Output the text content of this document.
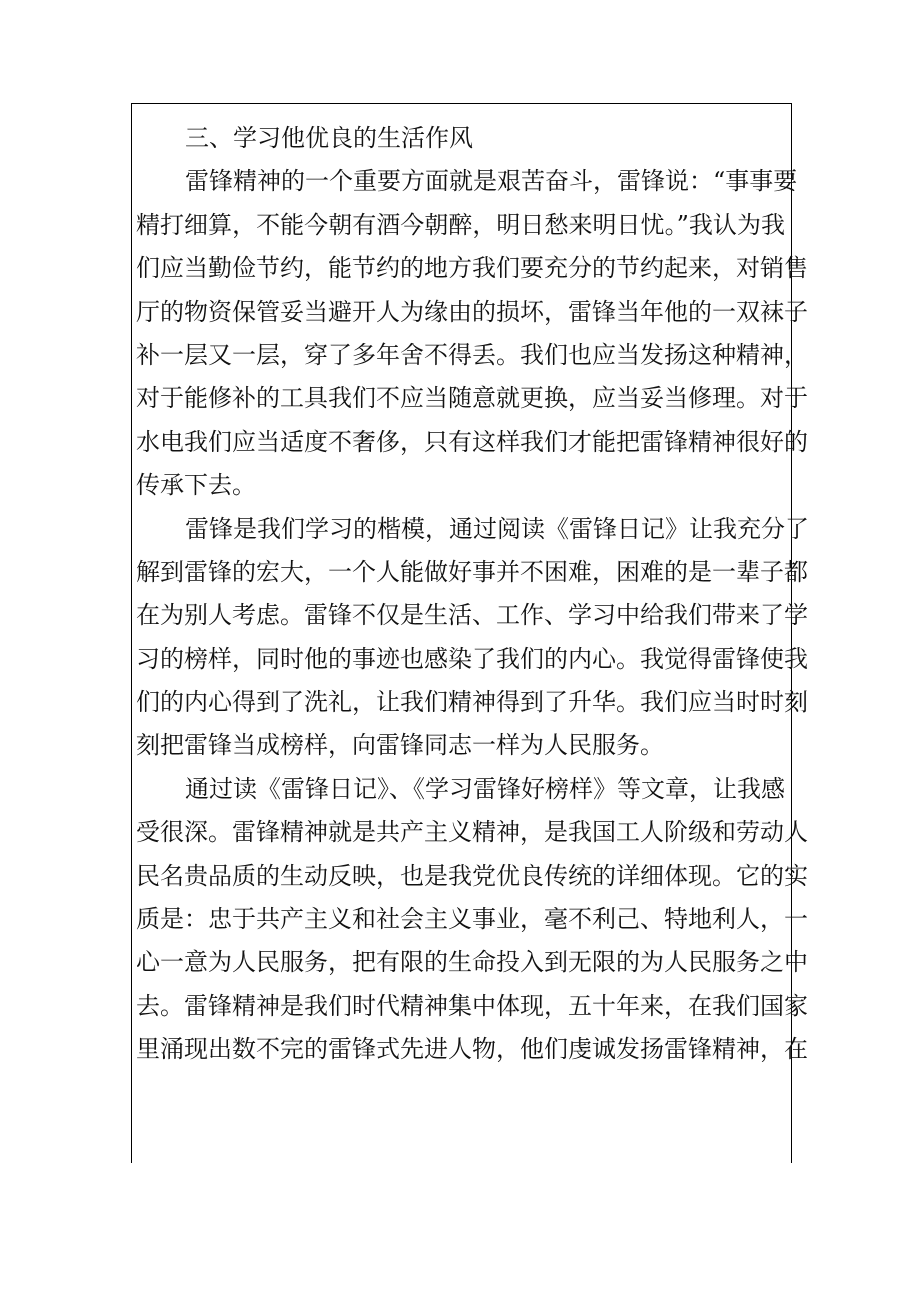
三、学习他优良的生活作风
雷锋精神的一个重要方面就是艰苦奋斗，雷锋说：“事事要
精打细算，不能今朝有酒今朝醉，明日愁来明日忧。”我认为我
们应当勤俭节约，能节约的地方我们要充分的节约起来，对销售
厅的物资保管妥当避开人为缘由的损坏，雷锋当年他的一双袜子
补一层又一层，穿了多年舍不得丢。我们也应当发扬这种精神，
对于能修补的工具我们不应当随意就更换，应当妥当修理。对于
水电我们应当适度不奢侈，只有这样我们才能把雷锋精神很好的
传承下去。
雷锋是我们学习的楷模，通过阅读《雷锋日记》让我充分了
解到雷锋的宏大，一个人能做好事并不困难，困难的是一辈子都
在为别人考虑。雷锋不仅是生活、工作、学习中给我们带来了学
习的榜样，同时他的事迹也感染了我们的内心。我觉得雷锋使我
们的内心得到了洗礼，让我们精神得到了升华。我们应当时时刻
刻把雷锋当成榜样，向雷锋同志一样为人民服务。
通过读《雷锋日记》、《学习雷锋好榜样》等文章，让我感
受很深。雷锋精神就是共产主义精神，是我国工人阶级和劳动人
民名贵品质的生动反映，也是我党优良传统的详细体现。它的实
质是：忠于共产主义和社会主义事业，毫不利己、特地利人，一
心一意为人民服务，把有限的生命投入到无限的为人民服务之中
去。雷锋精神是我们时代精神集中体现，五十年来，在我们国家
里涌现出数不完的雷锋式先进人物，他们虔诚发扬雷锋精神，在
